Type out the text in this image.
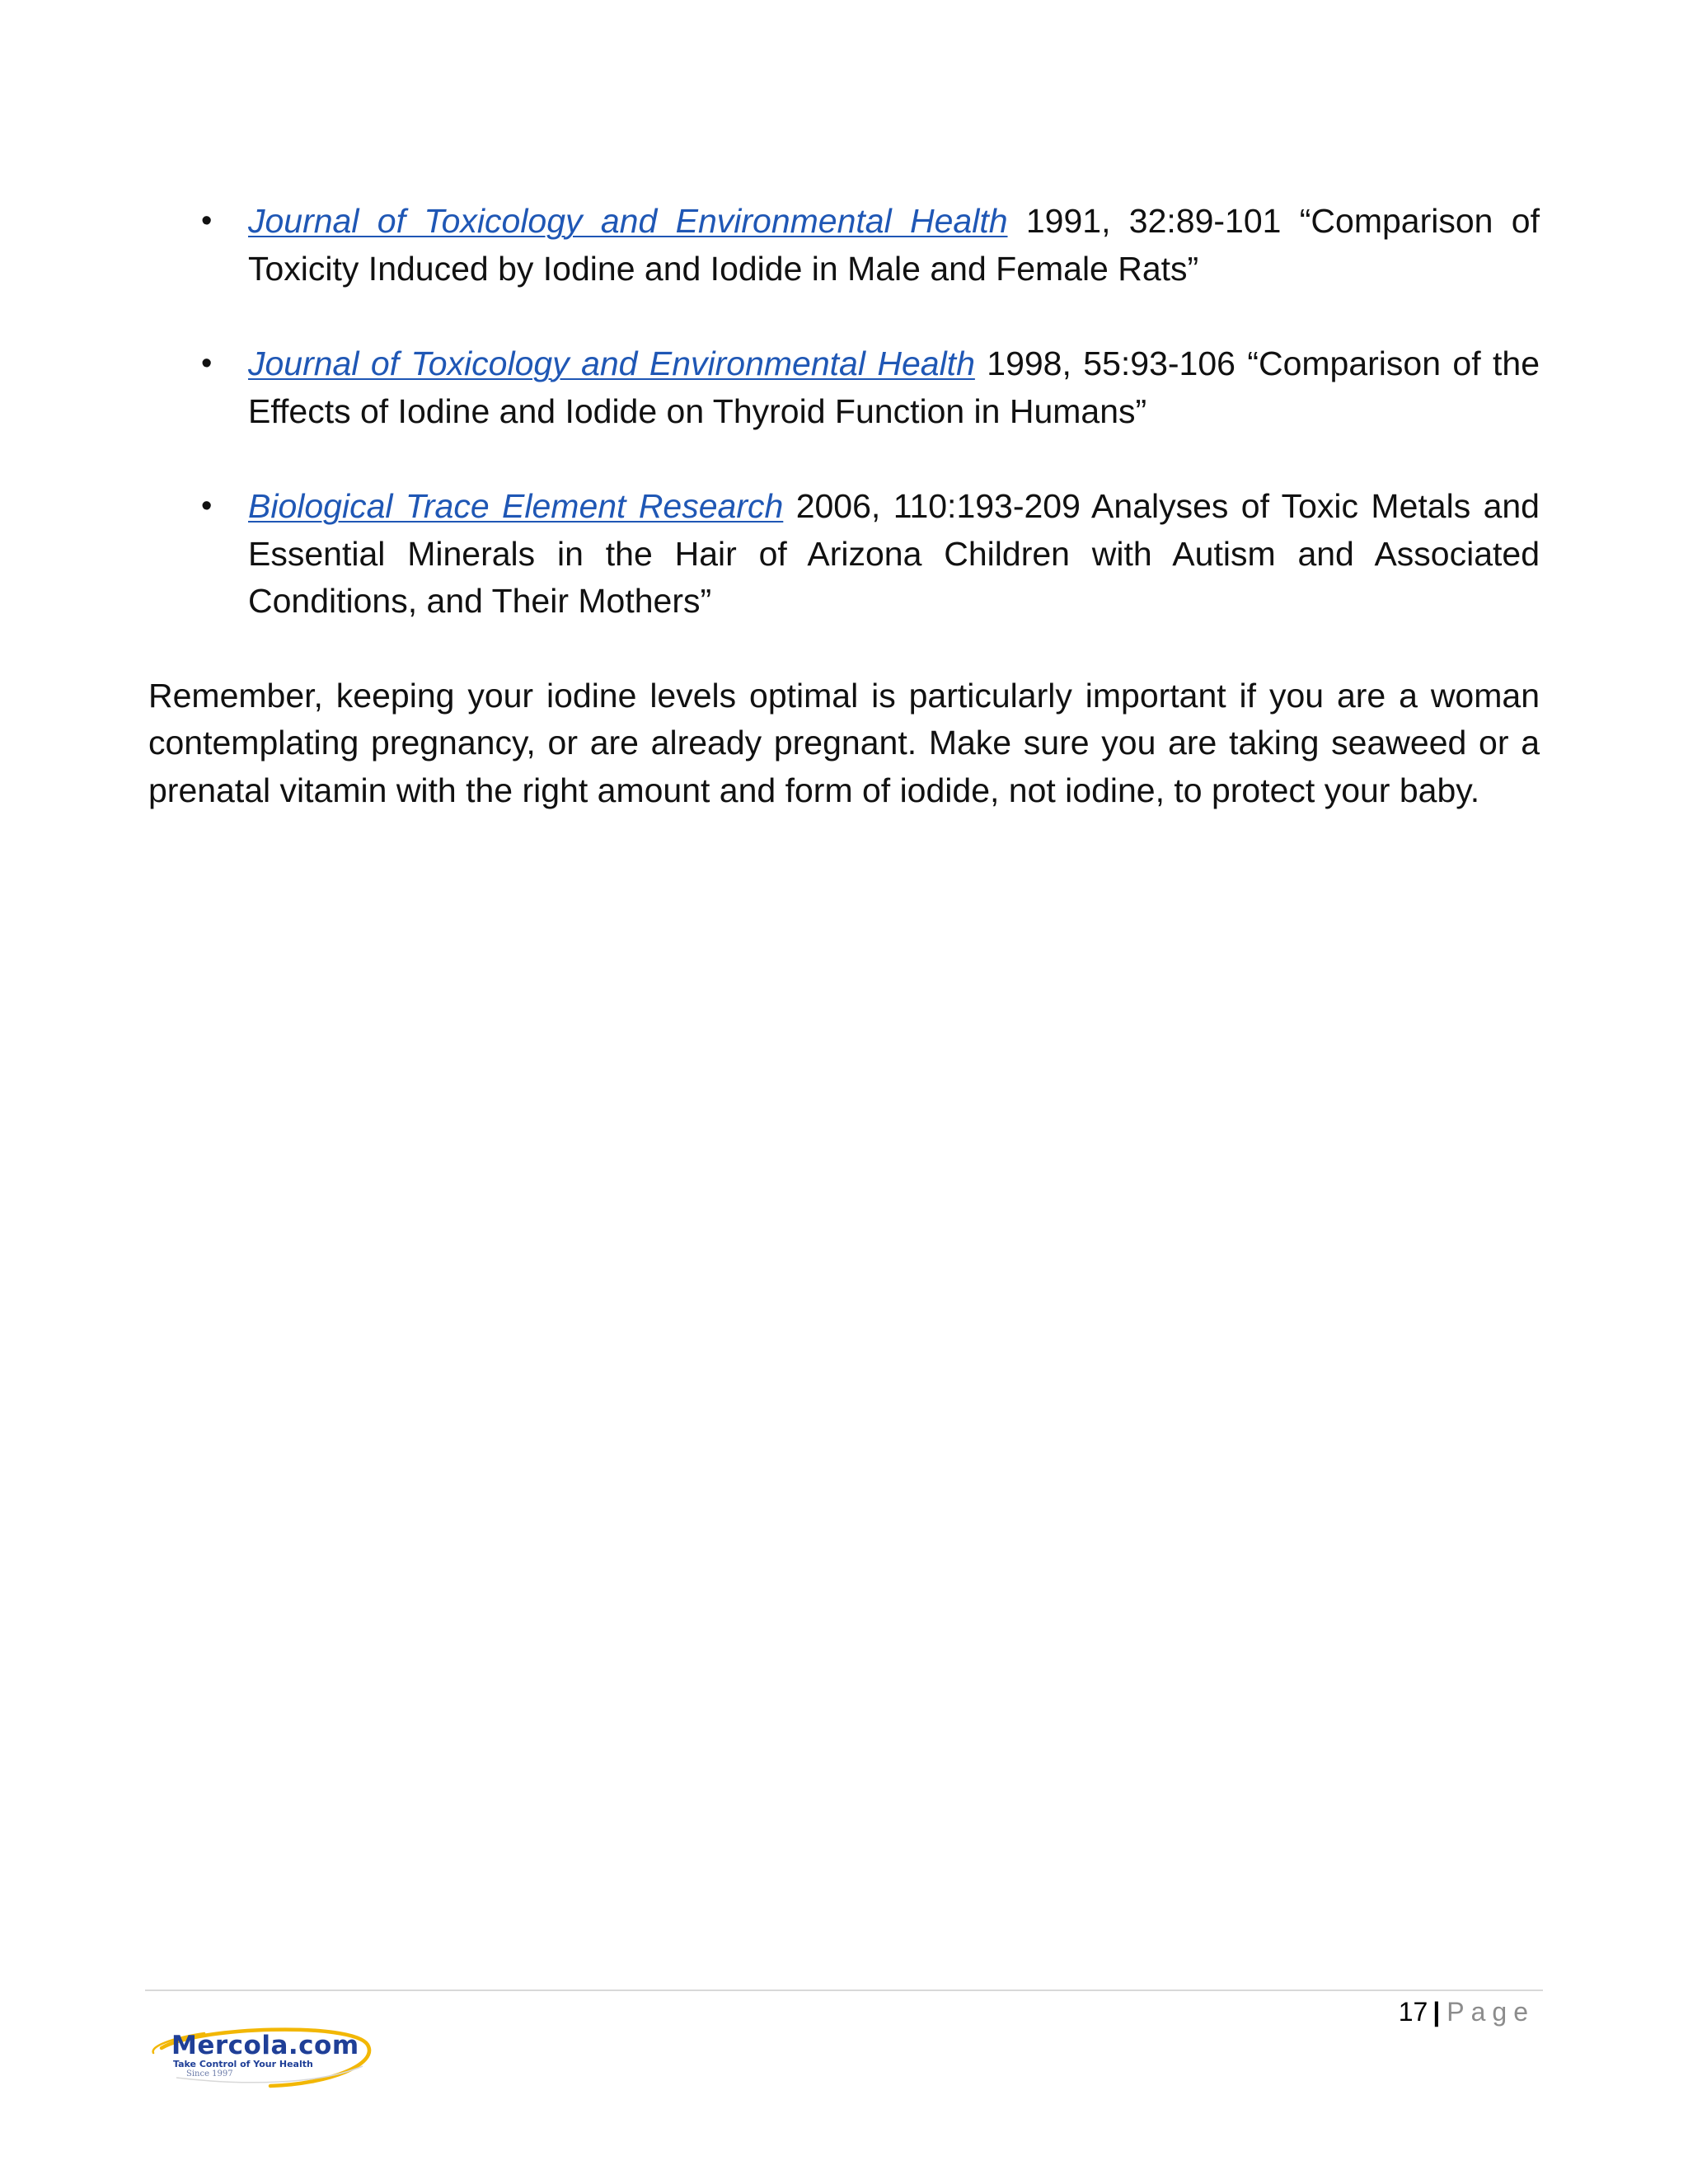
• Journal of Toxicology and Environmental Health 1991, 32:89-101 “Comparison of Toxicity Induced by Iodine and Iodide in Male and Female Rats”
• Journal of Toxicology and Environmental Health 1998, 55:93-106 “Comparison of the Effects of Iodine and Iodide on Thyroid Function in Humans”
• Biological Trace Element Research 2006, 110:193-209 Analyses of Toxic Metals and Essential Minerals in the Hair of Arizona Children with Autism and Associated Conditions, and Their Mothers”

Remember, keeping your iodine levels optimal is particularly important if you are a woman contemplating pregnancy, or are already pregnant. Make sure you are taking seaweed or a prenatal vitamin with the right amount and form of iodide, not iodine, to protect your baby.

17 | Page
Mercola.com
Take Control of Your Health
Since 1997
